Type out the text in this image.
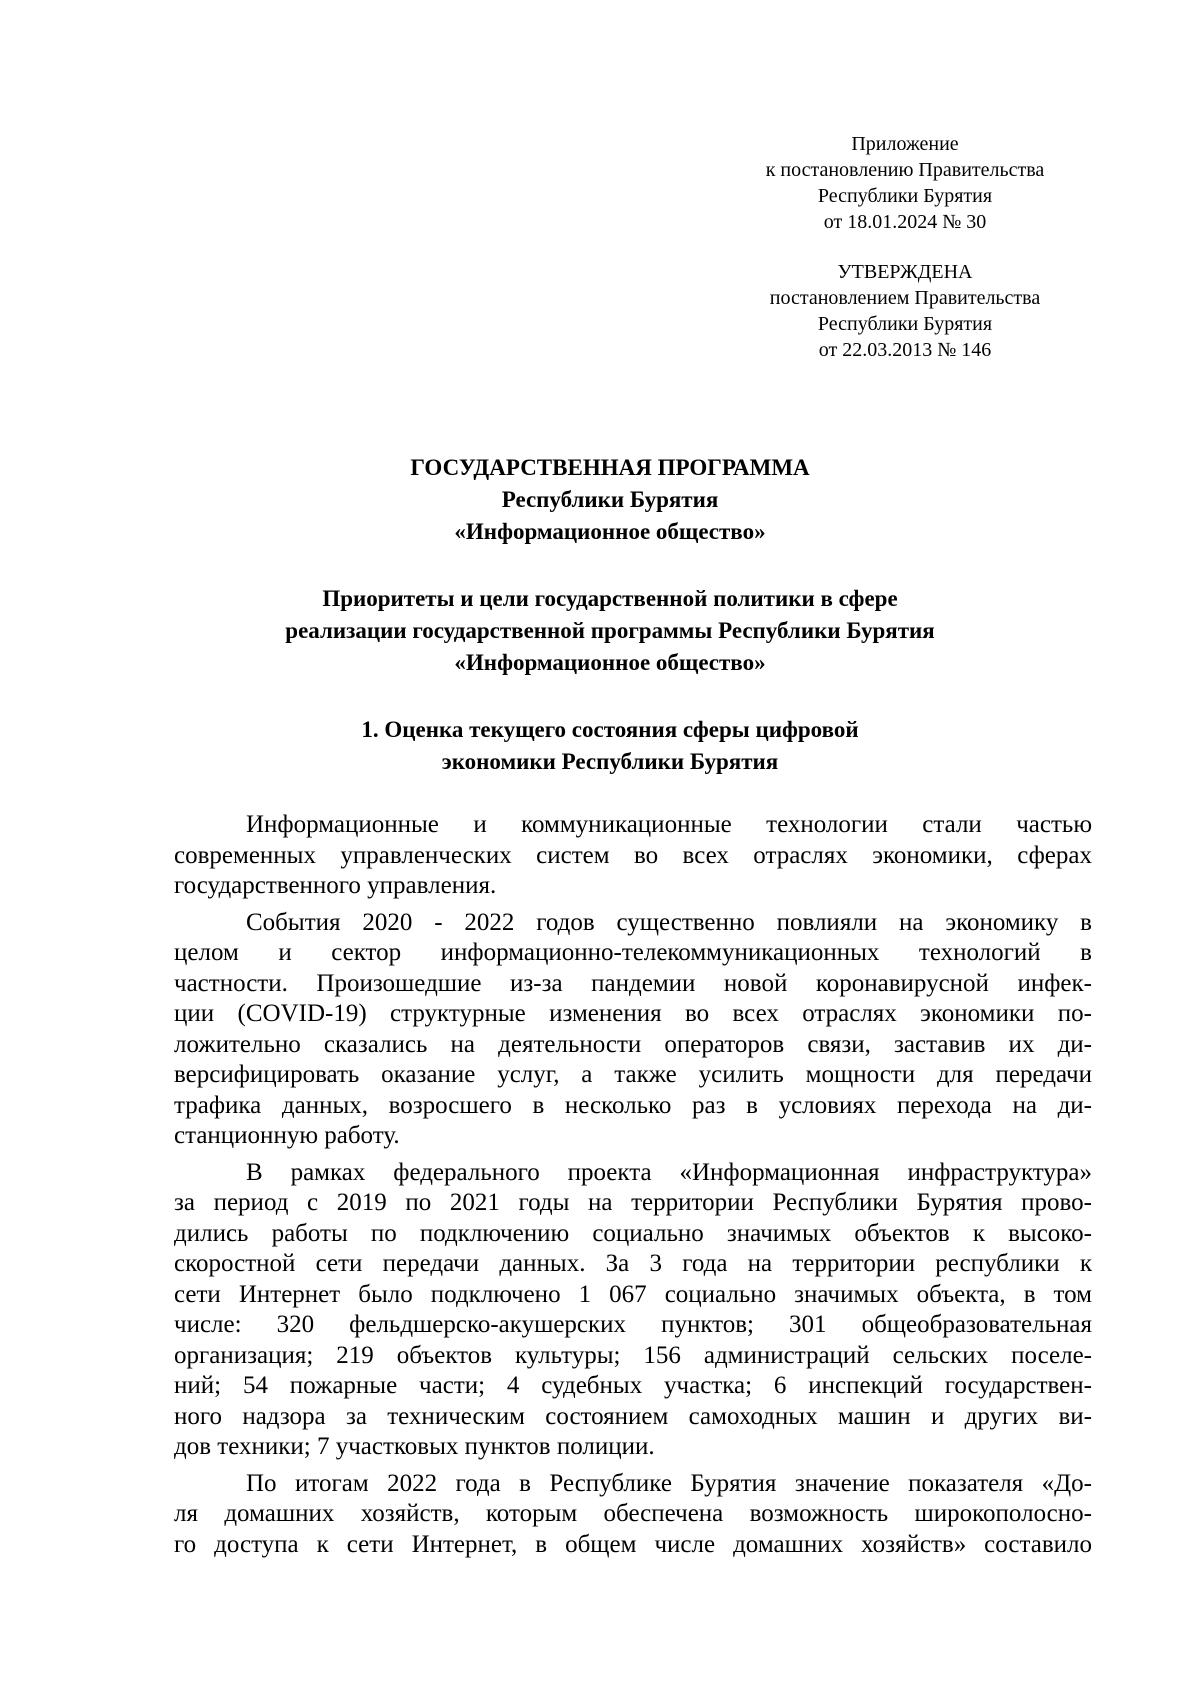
Приложение

к постановлению Правительства

Республики Бурятия

от 18.01.2024 № 30

УТВЕРЖДЕНА

постановлением Правительства

Республики Бурятия

от 22.03.2013 № 146

ГОСУДАРСТВЕННАЯ ПРОГРАММА

Республики Бурятия

«Информационное общество»

Приоритеты и цели государственной политики в сфере

реализации государственной программы Республики Бурятия

«Информационное общество»

1. Оценка текущего состояния сферы цифровой

экономики Республики Бурятия

Информационные и коммуникационные технологии стали частью
современных управленческих систем во всех отраслях экономики, сферах
государственного управления.
События 2020 - 2022 годов существенно повлияли на экономику в
целом и сектор информационно-телекоммуникационных технологий в
частности. Произошедшие из-за пандемии новой коронавирусной инфек-
ции (COVID-19) структурные изменения во всех отраслях экономики по-
ложительно сказались на деятельности операторов связи, заставив их ди-
версифицировать оказание услуг, а также усилить мощности для передачи
трафика данных, возросшего в несколько раз в условиях перехода на ди-
станционную работу.
В рамках федерального проекта «Информационная инфраструктура»
за период с 2019 по 2021 годы на территории Республики Бурятия прово-
дились работы по подключению социально значимых объектов к высоко-
скоростной сети передачи данных. За 3 года на территории республики к
сети Интернет было подключено 1 067 социально значимых объекта, в том
числе: 320 фельдшерско-акушерских пунктов; 301 общеобразовательная
организация; 219 объектов культуры; 156 администраций сельских поселе-
ний; 54 пожарные части; 4 судебных участка; 6 инспекций государствен-
ного надзора за техническим состоянием самоходных машин и других ви-
дов техники; 7 участковых пунктов полиции.
По итогам 2022 года в Республике Бурятия значение показателя «До-
ля домашних хозяйств, которым обеспечена возможность широкополосно-
го доступа к сети Интернет, в общем числе домашних хозяйств» составило
